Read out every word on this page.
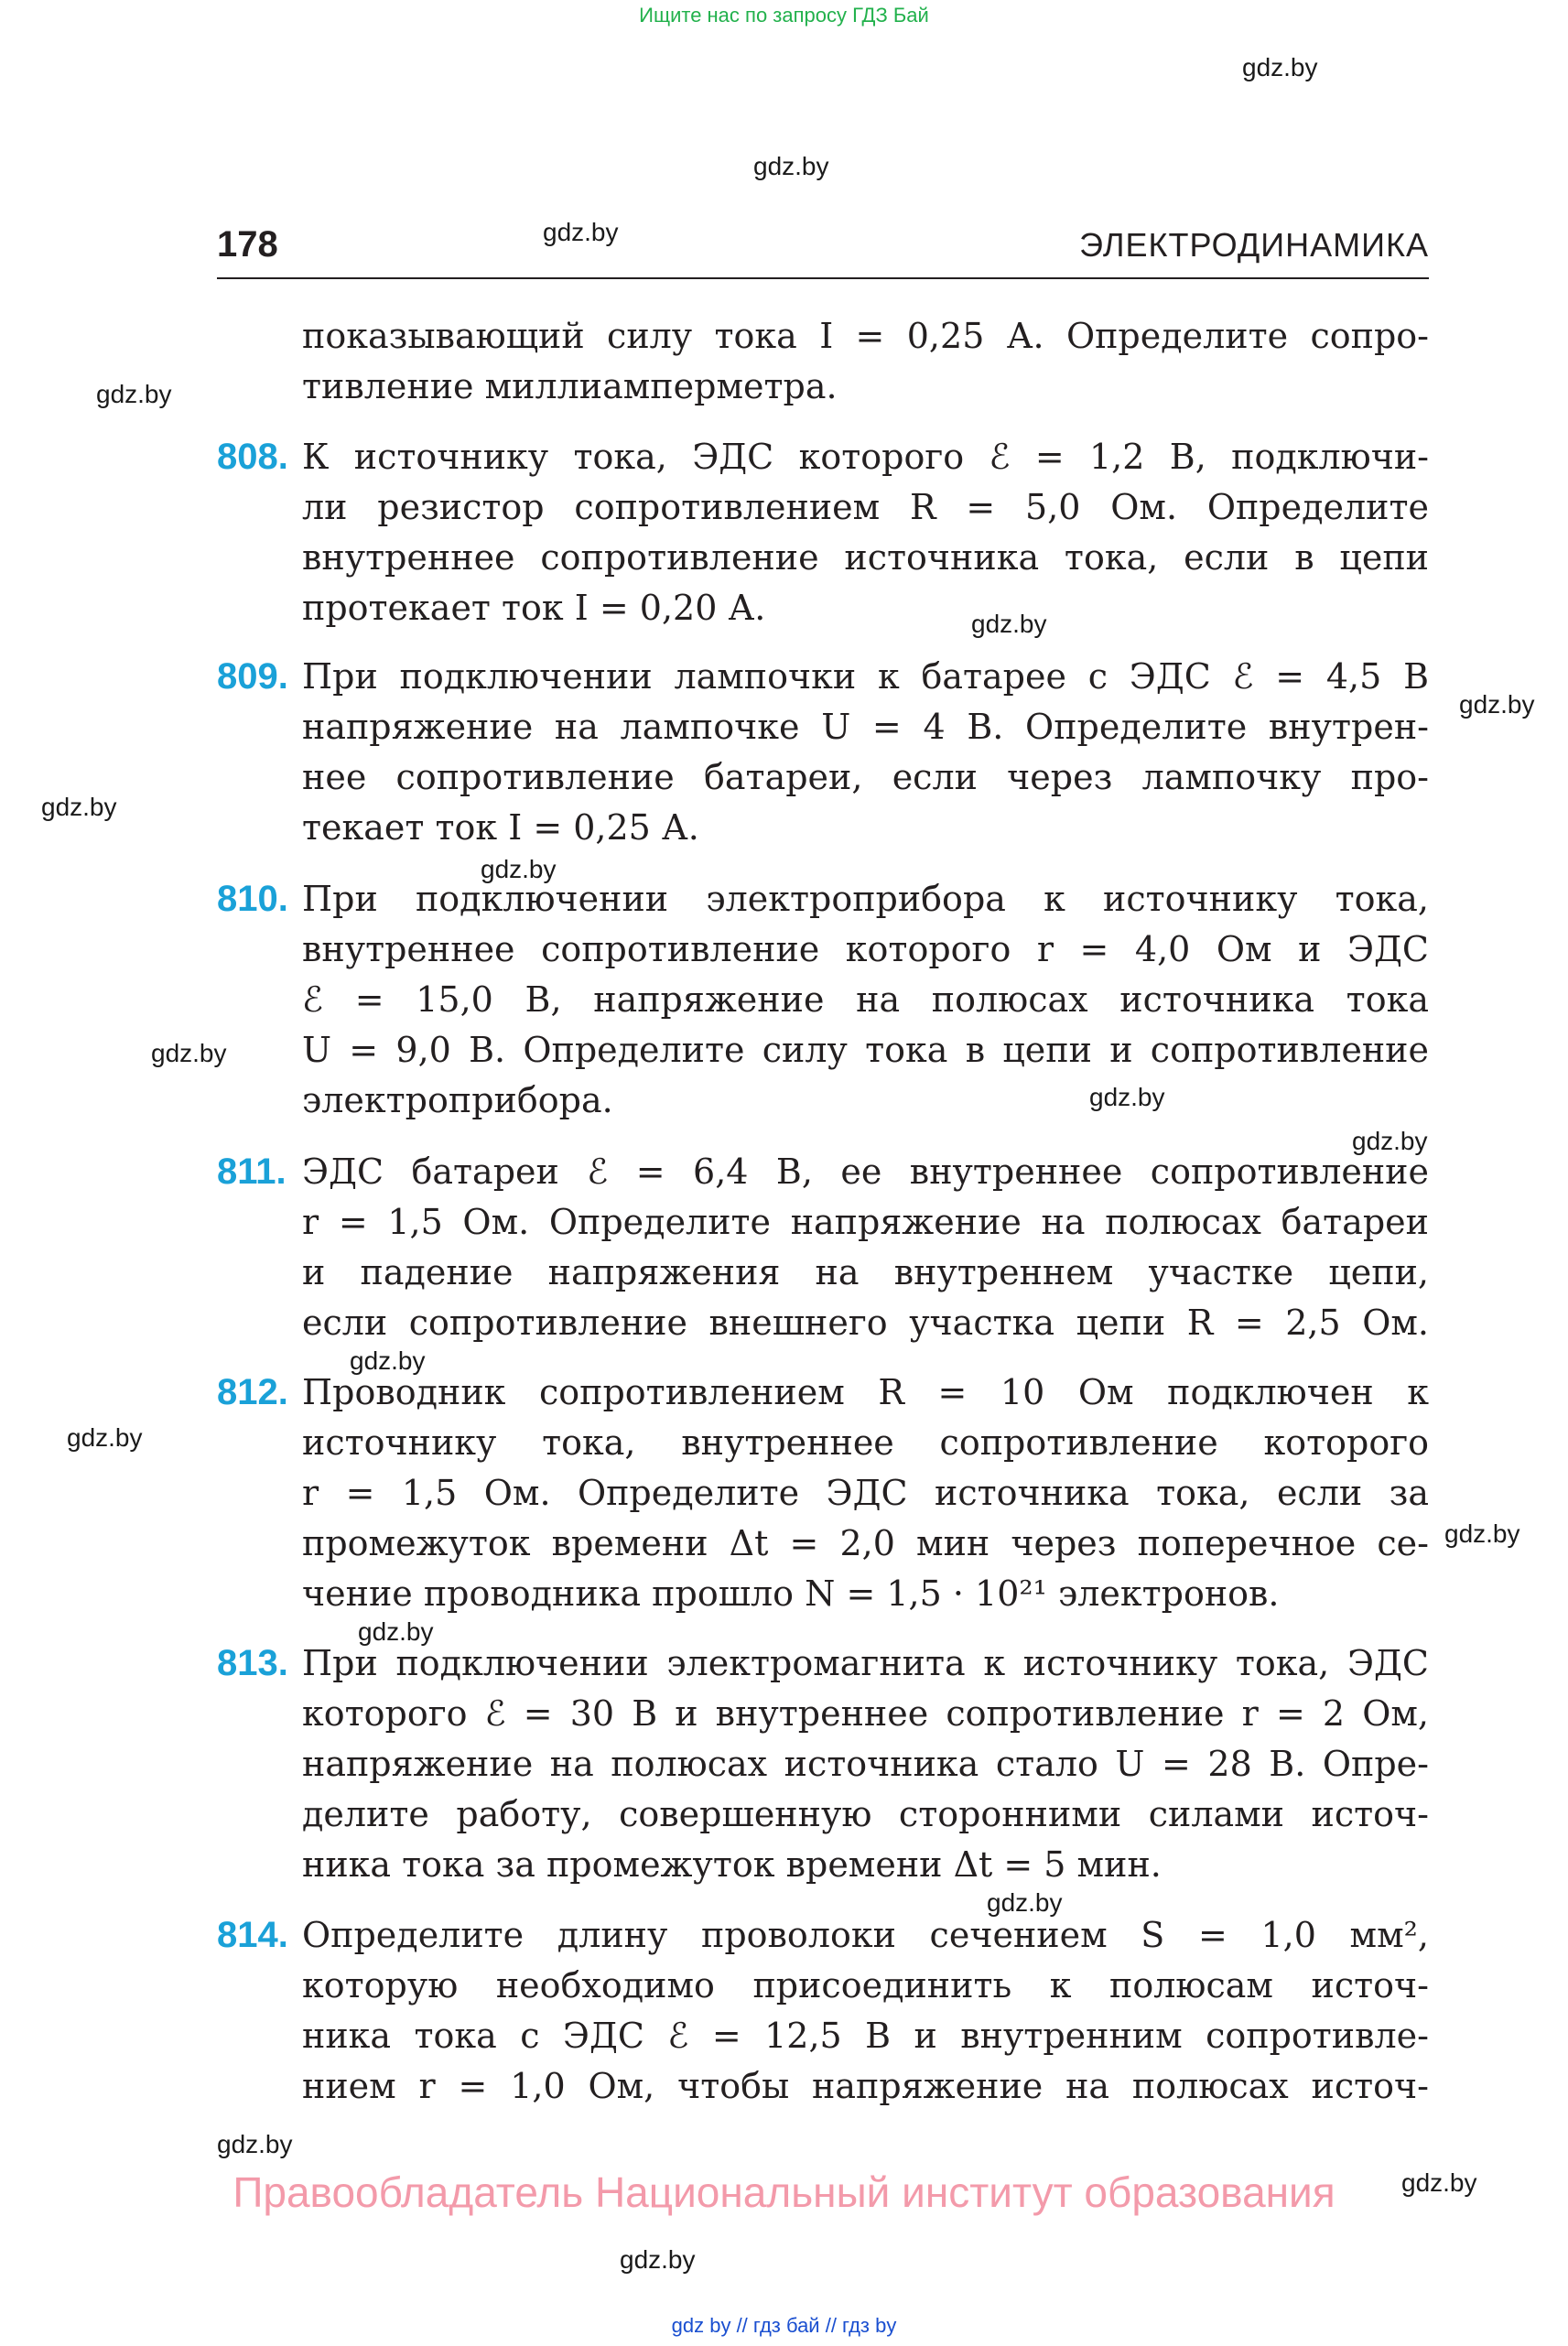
Ищите нас по запросу ГДЗ Бай
gdz.by
gdz.by
gdz.by
gdz.by
gdz.by
gdz.by
gdz.by
gdz.by
gdz.by
gdz.by
gdz.by
gdz.by
gdz.by
gdz.by
gdz.by
gdz.by
gdz.by
gdz.by
gdz.by
178	ЭЛЕКТРОДИНАМИКА
показывающий силу тока I = 0,25 А. Определите сопро-
тивление миллиамперметра.
808. К источнику тока, ЭДС которого ℰ = 1,2 В, подключи-
ли резистор сопротивлением R = 5,0 Ом. Определите
внутреннее сопротивление источника тока, если в цепи
протекает ток I = 0,20 А.
809. При подключении лампочки к батарее с ЭДС ℰ = 4,5 В
напряжение на лампочке U = 4 В. Определите внутрен-
нее сопротивление батареи, если через лампочку про-
текает ток I = 0,25 А.
810. При подключении электроприбора к источнику тока,
внутреннее сопротивление которого r = 4,0 Ом и ЭДС
ℰ = 15,0 В, напряжение на полюсах источника тока
U = 9,0 В. Определите силу тока в цепи и сопротивление
электроприбора.
811. ЭДС батареи ℰ = 6,4 В, ее внутреннее сопротивление
r = 1,5 Ом. Определите напряжение на полюсах батареи
и падение напряжения на внутреннем участке цепи,
если сопротивление внешнего участка цепи R = 2,5 Ом.
812. Проводник сопротивлением R = 10 Ом подключен к
источнику тока, внутреннее сопротивление которого
r = 1,5 Ом. Определите ЭДС источника тока, если за
промежуток времени Δt = 2,0 мин через поперечное се-
чение проводника прошло N = 1,5 · 10²¹ электронов.
813. При подключении электромагнита к источнику тока, ЭДС
которого ℰ = 30 В и внутреннее сопротивление r = 2 Ом,
напряжение на полюсах источника стало U = 28 В. Опре-
делите работу, совершенную сторонними силами источ-
ника тока за промежуток времени Δt = 5 мин.
814. Определите длину проволоки сечением S = 1,0 мм²,
которую необходимо присоединить к полюсам источ-
ника тока с ЭДС ℰ = 12,5 В и внутренним сопротивле-
нием r = 1,0 Ом, чтобы напряжение на полюсах источ-
Правообладатель Национальный институт образования
gdz by // гдз бай // гдз by
